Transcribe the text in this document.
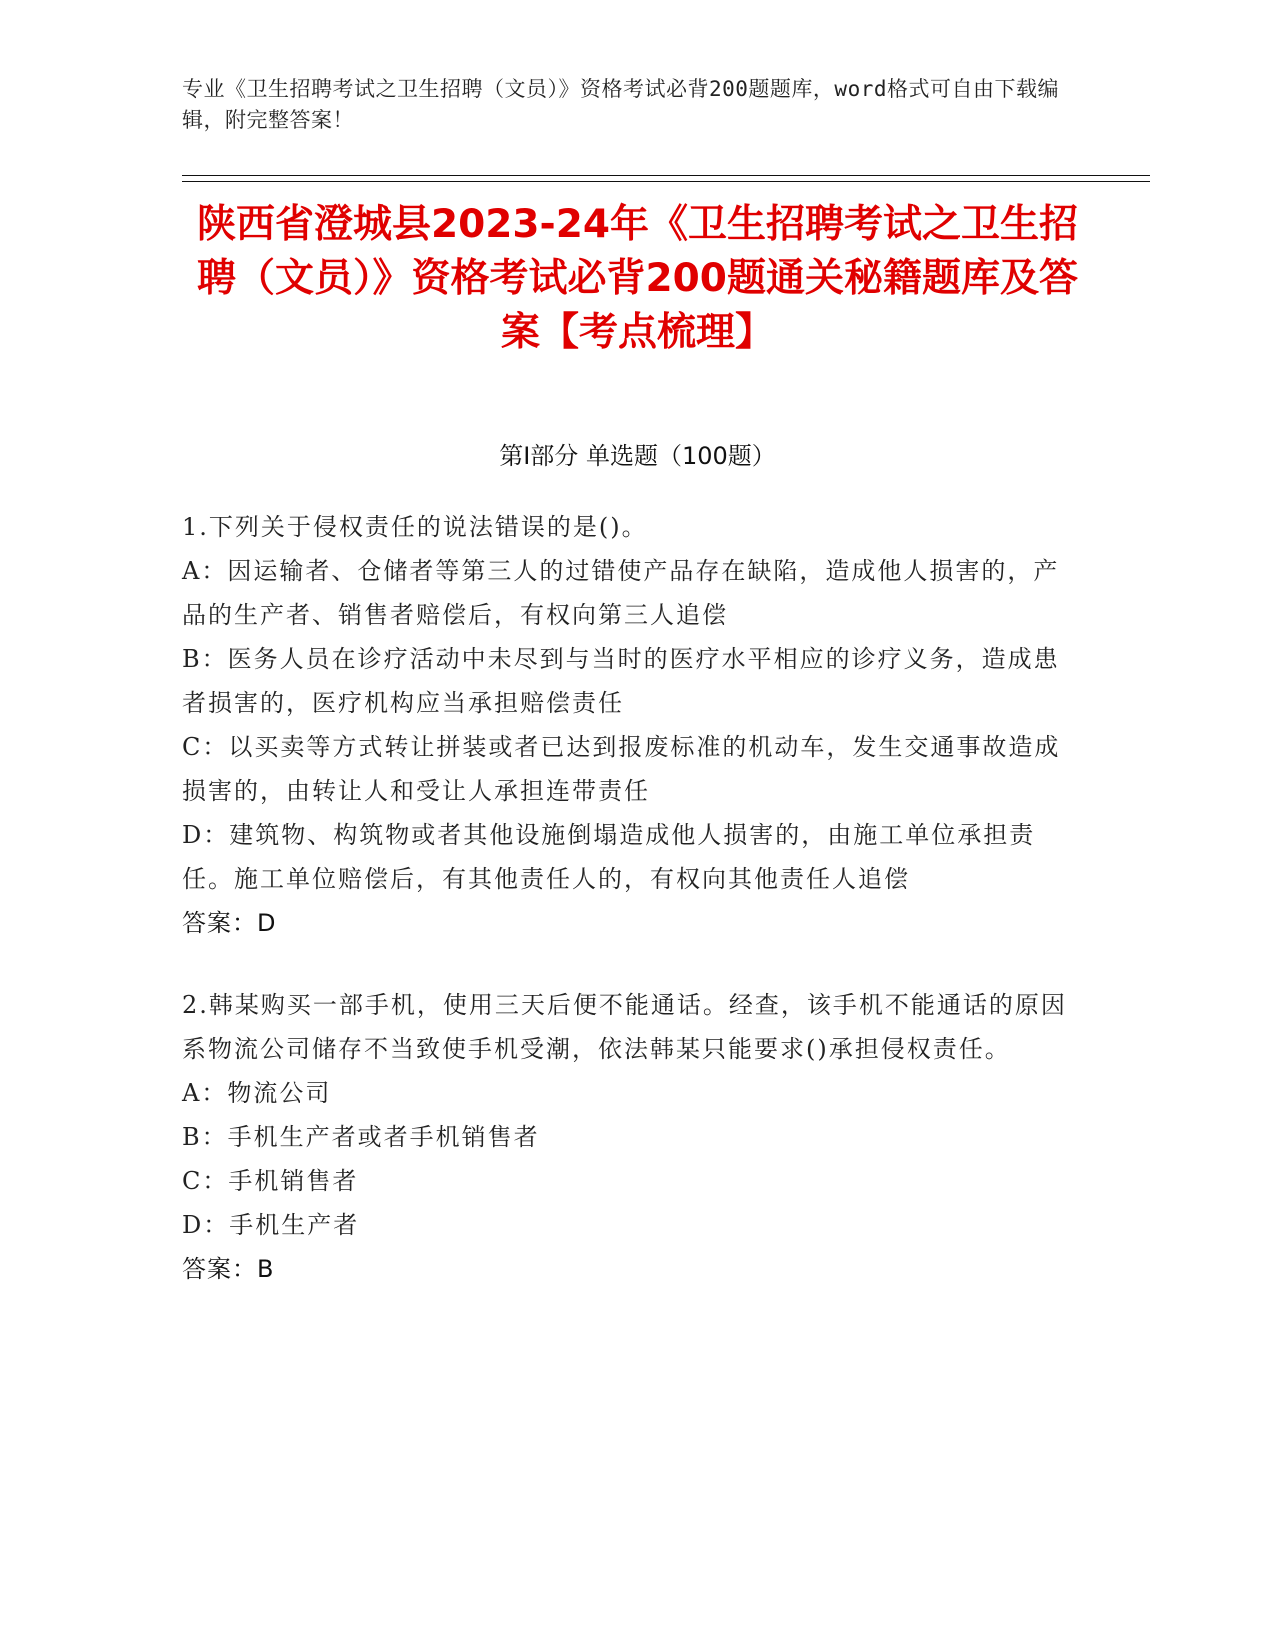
专业《卫生招聘考试之卫生招聘（文员）》资格考试必背200题题库，word格式可自由下载编辑，附完整答案！
陕西省澄城县2023-24年《卫生招聘考试之卫生招聘（文员）》资格考试必背200题通关秘籍题库及答案【考点梳理】
第Ⅰ部分 单选题（100题）

1.下列关于侵权责任的说法错误的是()。

A：因运输者、仓储者等第三人的过错使产品存在缺陷，造成他人损害的，产品的生产者、销售者赔偿后，有权向第三人追偿

B：医务人员在诊疗活动中未尽到与当时的医疗水平相应的诊疗义务，造成患者损害的，医疗机构应当承担赔偿责任

C：以买卖等方式转让拼装或者已达到报废标准的机动车，发生交通事故造成损害的，由转让人和受让人承担连带责任

D：建筑物、构筑物或者其他设施倒塌造成他人损害的，由施工单位承担责任。施工单位赔偿后，有其他责任人的，有权向其他责任人追偿

答案：D

2.韩某购买一部手机，使用三天后便不能通话。经查，该手机不能通话的原因系物流公司储存不当致使手机受潮，依法韩某只能要求()承担侵权责任。

A：物流公司

B：手机生产者或者手机销售者

C：手机销售者

D：手机生产者

答案：B
